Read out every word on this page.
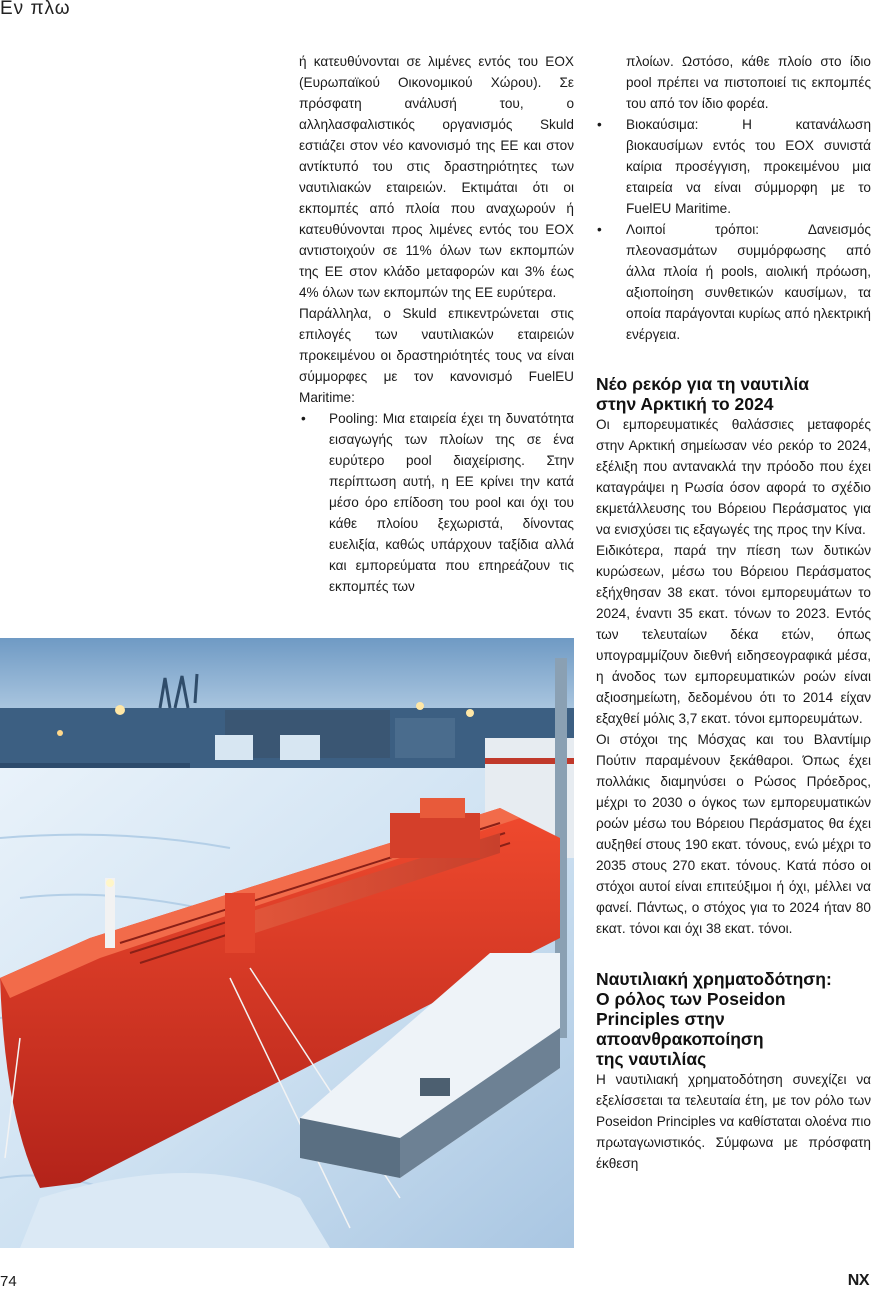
Εν πλω

ή κατευθύνονται σε λιμένες εντός του ΕΟΧ (Ευρωπαϊκού Οικονομικού Χώρου). Σε πρόσφατη ανάλυσή του, ο αλληλασφαλιστικός οργανισμός Skuld εστιάζει στον νέο κανονισμό της ΕΕ και στον αντίκτυπό του στις δραστηριότητες των ναυτιλιακών εταιρειών. Εκτιμάται ότι οι εκπομπές από πλοία που αναχωρούν ή κατευθύνονται προς λιμένες εντός του ΕΟΧ αντιστοιχούν σε 11% όλων των εκπομπών της ΕΕ στον κλάδο μεταφορών και 3% έως 4% όλων των εκπομπών της ΕΕ ευρύτερα.

Παράλληλα, ο Skuld επικεντρώνεται στις επιλογές των ναυτιλιακών εταιρειών προκειμένου οι δραστηριότητές τους να είναι σύμμορφες με τον κανονισμό FuelEU Maritime:

• Pooling: Μια εταιρεία έχει τη δυνατότητα εισαγωγής των πλοίων της σε ένα ευρύτερο pool διαχείρισης. Στην περίπτωση αυτή, η ΕΕ κρίνει την κατά μέσο όρο επίδοση του pool και όχι του κάθε πλοίου ξεχωριστά, δίνοντας ευελιξία, καθώς υπάρχουν ταξίδια αλλά και εμπορεύματα που επηρεάζουν τις εκπομπές των
πλοίων. Ωστόσο, κάθε πλοίο στο ίδιο pool πρέπει να πιστοποιεί τις εκπομπές του από τον ίδιο φορέα.
• Βιοκαύσιμα: Η κατανάλωση βιοκαυσίμων εντός του ΕΟΧ συνιστά καίρια προσέγγιση, προκειμένου μια εταιρεία να είναι σύμμορφη με το FuelEU Maritime.
• Λοιποί τρόποι: Δανεισμός πλεονασμάτων συμμόρφωσης από άλλα πλοία ή pools, αιολική πρόωση, αξιοποίηση συνθετικών καυσίμων, τα οποία παράγονται κυρίως από ηλεκτρική ενέργεια.
Νέο ρεκόρ για τη ναυτιλία
στην Αρκτική το 2024

Οι εμπορευματικές θαλάσσιες μεταφορές στην Αρκτική σημείωσαν νέο ρεκόρ το 2024, εξέλιξη που αντανακλά την πρόοδο που έχει καταγράψει η Ρωσία όσον αφορά το σχέδιο εκμετάλλευσης του Βόρειου Περάσματος για να ενισχύσει τις εξαγωγές της προς την Κίνα.

Ειδικότερα, παρά την πίεση των δυτικών κυρώσεων, μέσω του Βόρειου Περάσματος εξήχθησαν 38 εκατ. τόνοι εμπορευμάτων το 2024, έναντι 35 εκατ. τόνων το 2023. Εντός των τελευταίων δέκα ετών, όπως υπογραμμίζουν διεθνή ειδησεογραφικά μέσα, η άνοδος των εμπορευματικών ροών είναι αξιοσημείωτη, δεδομένου ότι το 2014 είχαν εξαχθεί μόλις 3,7 εκατ. τόνοι εμπορευμάτων.

Οι στόχοι της Μόσχας και του Βλαντίμιρ Πούτιν παραμένουν ξεκάθαροι. Όπως έχει πολλάκις διαμηνύσει ο Ρώσος Πρόεδρος, μέχρι το 2030 ο όγκος των εμπορευματικών ροών μέσω του Βόρειου Περάσματος θα έχει αυξηθεί στους 190 εκατ. τόνους, ενώ μέχρι το 2035 στους 270 εκατ. τόνους. Κατά πόσο οι στόχοι αυτοί είναι επιτεύξιμοι ή όχι, μέλλει να φανεί. Πάντως, ο στόχος για το 2024 ήταν 80 εκατ. τόνοι και όχι 38 εκατ. τόνοι.

Ναυτιλιακή χρηματοδότηση:
Ο ρόλος των Poseidon
Principles στην
απoανθρακοποίηση
της ναυτιλίας

Η ναυτιλιακή χρηματοδότηση συνεχίζει να εξελίσσεται τα τελευταία έτη, με τον ρόλο των Poseidon Principles να καθίσταται ολοένα πιο πρωταγωνιστικός. Σύμφωνα με πρόσφατη έκθεση

74	NX
